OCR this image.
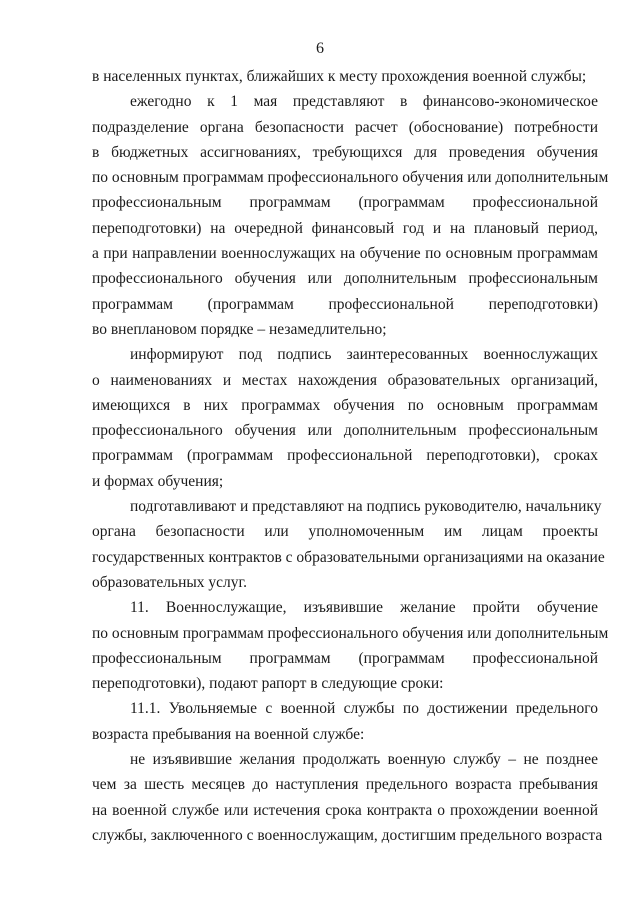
6
в населенных пунктах, ближайших к месту прохождения военной службы;
ежегодно к 1 мая представляют в финансово-экономическое
подразделение органа безопасности расчет (обоснование) потребности
в бюджетных ассигнованиях, требующихся для проведения обучения
по основным программам профессионального обучения или дополнительным
профессиональным программам (программам профессиональной
переподготовки) на очередной финансовый год и на плановый период,
а при направлении военнослужащих на обучение по основным программам
профессионального обучения или дополнительным профессиональным
программам (программам профессиональной переподготовки)
во внеплановом порядке – незамедлительно;
информируют под подпись заинтересованных военнослужащих
о наименованиях и местах нахождения образовательных организаций,
имеющихся в них программах обучения по основным программам
профессионального обучения или дополнительным профессиональным
программам (программам профессиональной переподготовки), сроках
и формах обучения;
подготавливают и представляют на подпись руководителю, начальнику
органа безопасности или уполномоченным им лицам проекты
государственных контрактов с образовательными организациями на оказание
образовательных услуг.
11. Военнослужащие, изъявившие желание пройти обучение
по основным программам профессионального обучения или дополнительным
профессиональным программам (программам профессиональной
переподготовки), подают рапорт в следующие сроки:
11.1. Увольняемые с военной службы по достижении предельного
возраста пребывания на военной службе:
не изъявившие желания продолжать военную службу – не позднее
чем за шесть месяцев до наступления предельного возраста пребывания
на военной службе или истечения срока контракта о прохождении военной
службы, заключенного с военнослужащим, достигшим предельного возраста
